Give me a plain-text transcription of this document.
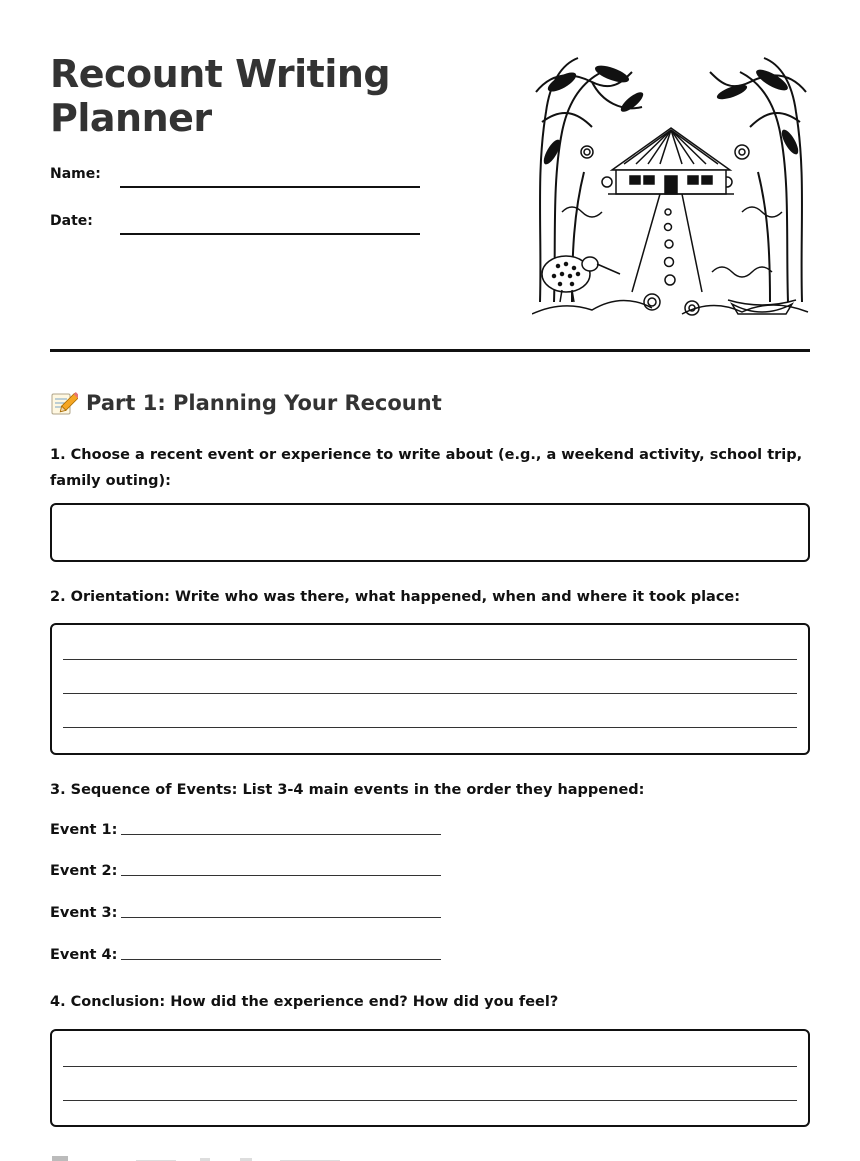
Recount Writing Planner
Name:
Date:
Part 1: Planning Your Recount
1. Choose a recent event or experience to write about (e.g., a weekend activity, school trip, family outing):
2. Orientation: Write who was there, what happened, when and where it took place:
3. Sequence of Events: List 3-4 main events in the order they happened:
Event 1:
Event 2:
Event 3:
Event 4:
4. Conclusion: How did the experience end? How did you feel?
